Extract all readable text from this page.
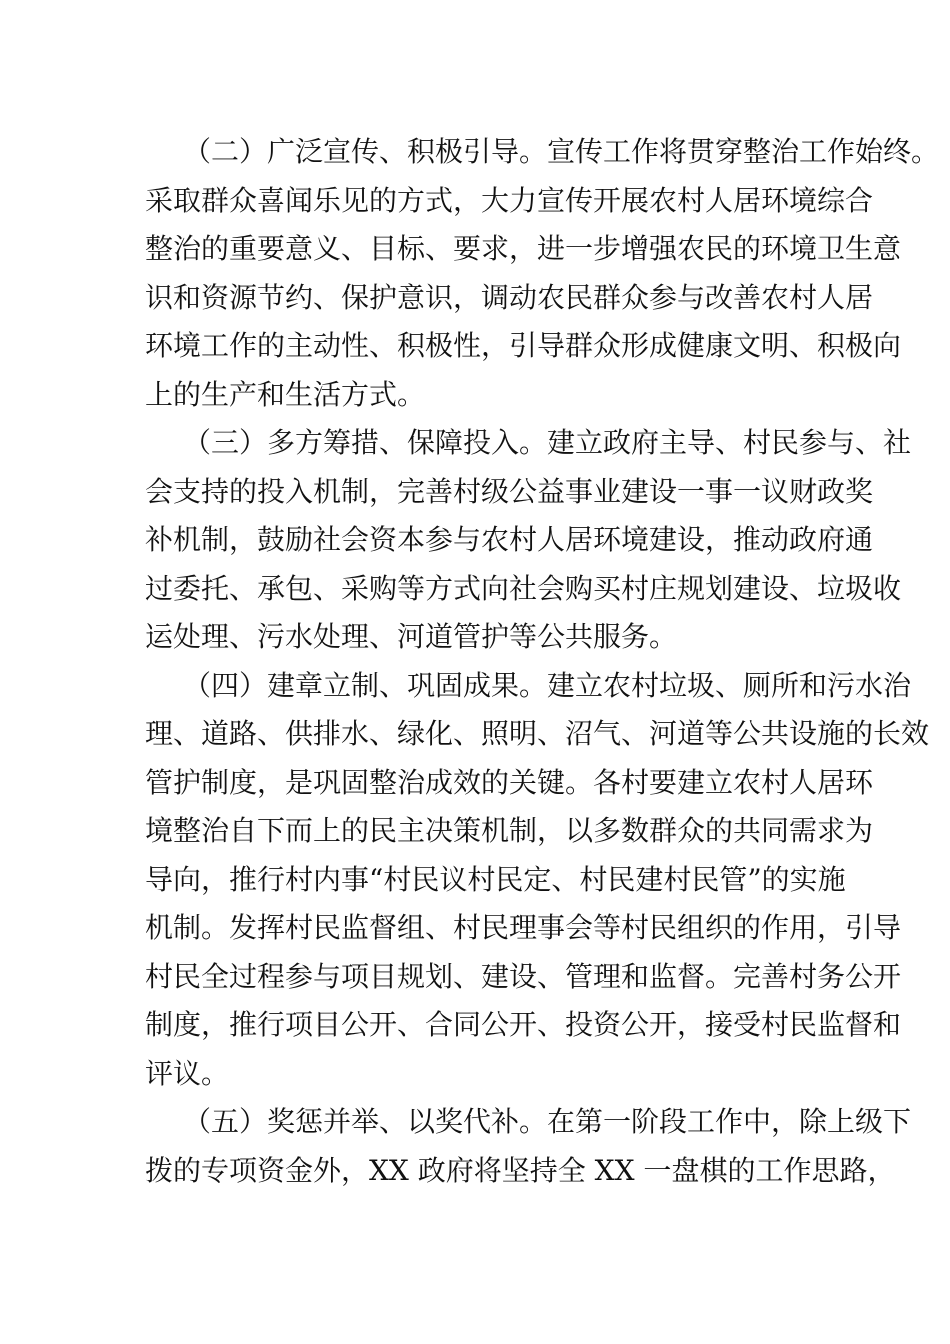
（二）广泛宣传、积极引导。宣传工作将贯穿整治工作始终。
采取群众喜闻乐见的方式，大力宣传开展农村人居环境综合
整治的重要意义、目标、要求，进一步增强农民的环境卫生意
识和资源节约、保护意识，调动农民群众参与改善农村人居
环境工作的主动性、积极性，引导群众形成健康文明、积极向
上的生产和生活方式。
（三）多方筹措、保障投入。建立政府主导、村民参与、社
会支持的投入机制，完善村级公益事业建设一事一议财政奖
补机制，鼓励社会资本参与农村人居环境建设，推动政府通
过委托、承包、采购等方式向社会购买村庄规划建设、垃圾收
运处理、污水处理、河道管护等公共服务。
（四）建章立制、巩固成果。建立农村垃圾、厕所和污水治
理、道路、供排水、绿化、照明、沼气、河道等公共设施的长效
管护制度，是巩固整治成效的关键。各村要建立农村人居环
境整治自下而上的民主决策机制，以多数群众的共同需求为
导向，推行村内事“村民议村民定、村民建村民管”的实施
机制。发挥村民监督组、村民理事会等村民组织的作用，引导
村民全过程参与项目规划、建设、管理和监督。完善村务公开
制度，推行项目公开、合同公开、投资公开，接受村民监督和
评议。
（五）奖惩并举、以奖代补。在第一阶段工作中，除上级下
拨的专项资金外，XX 政府将坚持全 XX 一盘棋的工作思路，
